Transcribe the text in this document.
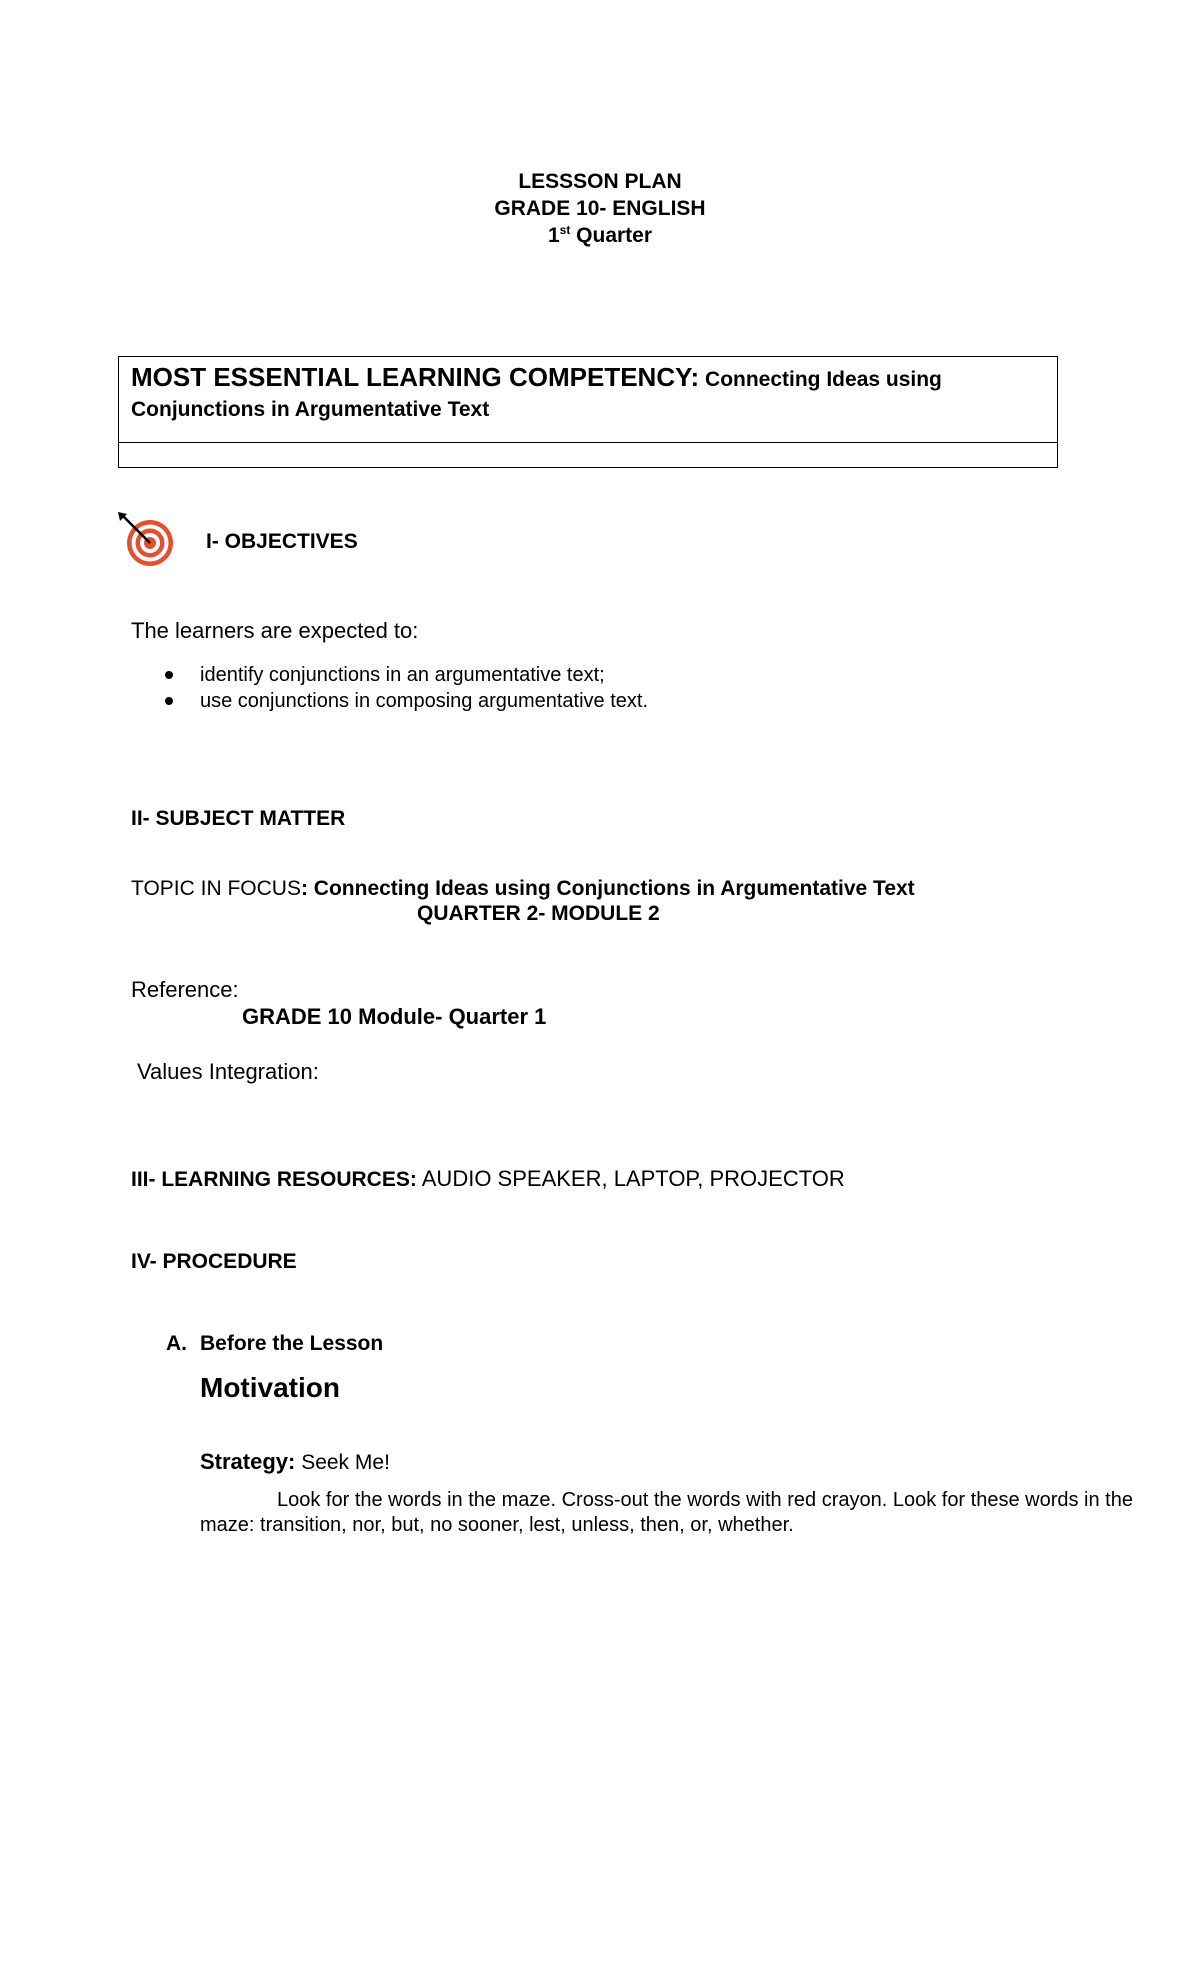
LESSSON PLAN
GRADE 10- ENGLISH
1st Quarter
MOST ESSENTIAL LEARNING COMPETENCY: Connecting Ideas using
Conjunctions in Argumentative Text
I- OBJECTIVES
The learners are expected to:
identify conjunctions in an argumentative text;
use conjunctions in composing argumentative text.
II- SUBJECT MATTER
TOPIC IN FOCUS: Connecting Ideas using Conjunctions in Argumentative Text
QUARTER 2- MODULE 2
Reference:
GRADE 10 Module- Quarter 1
Values Integration:
III- LEARNING RESOURCES: AUDIO SPEAKER, LAPTOP, PROJECTOR
IV- PROCEDURE
A. Before the Lesson
Motivation
Strategy: Seek Me!
Look for the words in the maze. Cross-out the words with red crayon. Look for these words in the maze: transition, nor, but, no sooner, lest, unless, then, or, whether.
